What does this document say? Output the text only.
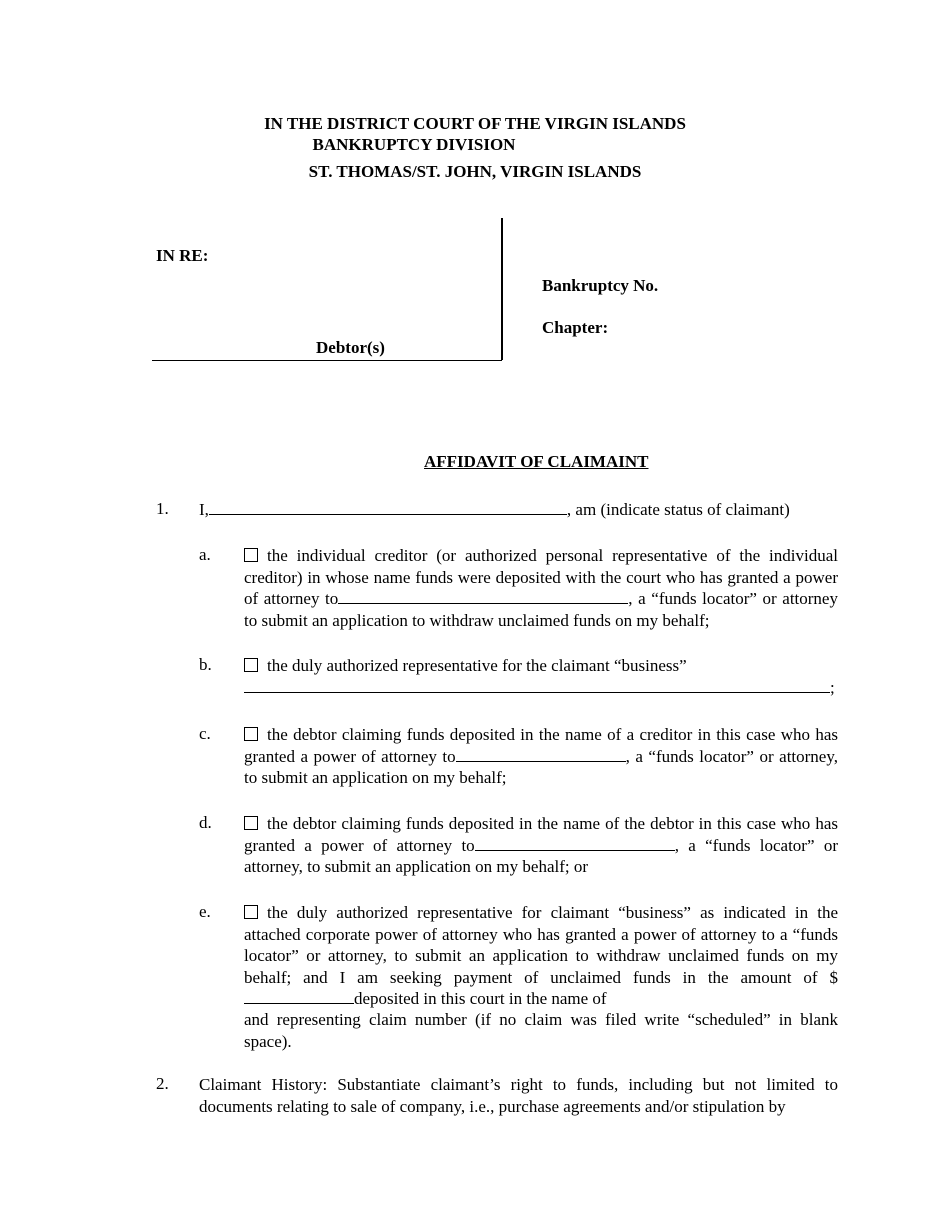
IN THE DISTRICT COURT OF THE VIRGIN ISLANDS
BANKRUPTCY DIVISION
ST. THOMAS/ST. JOHN, VIRGIN ISLANDS
IN RE:
Debtor(s)
Bankruptcy No.
Chapter:
AFFIDAVIT OF CLAIMAINT
1. I,	, am (indicate status of claimant)
a.	the individual creditor (or authorized personal representative of the individual creditor) in whose name funds were deposited with the court who has granted a power of attorney to	, a “funds locator” or attorney to submit an application to withdraw unclaimed funds on my behalf;
b.	the duly authorized representative for the claimant “business”
;
c.	the debtor claiming funds deposited in the name of a creditor in this case who has granted a power of attorney to	, a “funds locator” or attorney, to submit an application on my behalf;
d.	the debtor claiming funds deposited in the name of the debtor in this case who has granted a power of attorney to	, a “funds locator” or attorney, to submit an application on my behalf; or
e.	the duly authorized representative for claimant “business” as indicated in the attached corporate power of attorney who has granted a power of attorney to a “funds locator” or attorney, to submit an application to withdraw unclaimed funds on my behalf; and I am seeking payment of unclaimed funds in the amount of $deposited in this court in the name of
and representing claim number (if no claim was filed write “scheduled” in blank space).
2. Claimant History: Substantiate claimant’s right to funds, including but not limited to documents relating to sale of company, i.e., purchase agreements and/or stipulation by
